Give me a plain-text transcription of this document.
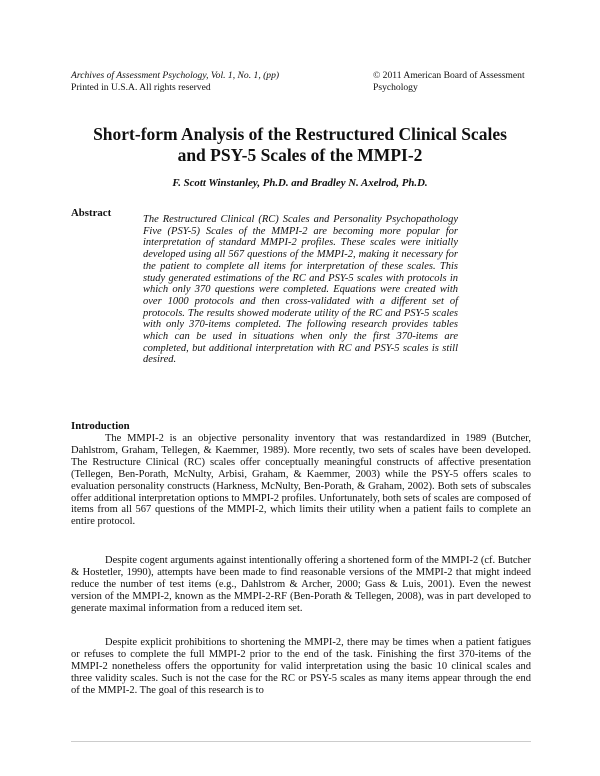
Archives of Assessment Psychology, Vol. 1, No. 1, (pp)
Printed in U.S.A. All rights reserved
© 2011 American Board of Assessment
Psychology
Short-form Analysis of the Restructured Clinical Scales
and PSY-5 Scales of the MMPI-2
F. Scott Winstanley, Ph.D. and Bradley N. Axelrod, Ph.D.
Abstract
The Restructured Clinical (RC) Scales and Personality Psychopathology Five (PSY-5) Scales of the MMPI-2 are becoming more popular for interpretation of standard MMPI-2 profiles. These scales were initially developed using all 567 questions of the MMPI-2, making it necessary for the patient to complete all items for interpretation of these scales. This study generated estimations of the RC and PSY-5 scales with protocols in which only 370 questions were completed. Equations were created with over 1000 protocols and then cross-validated with a different set of protocols. The results showed moderate utility of the RC and PSY-5 scales with only 370-items completed. The following research provides tables which can be used in situations when only the first 370-items are completed, but additional interpretation with RC and PSY-5 scales is still desired.
Introduction

The MMPI-2 is an objective personality inventory that was restandardized in 1989 (Butcher, Dahlstrom, Graham, Tellegen, & Kaemmer, 1989). More recently, two sets of scales have been developed. The Restructure Clinical (RC) scales offer conceptually meaningful constructs of affective presentation (Tellegen, Ben-Porath, McNulty, Arbisi, Graham, & Kaemmer, 2003) while the PSY-5 offers scales to evaluation personality constructs (Harkness, McNulty, Ben-Porath, & Graham, 2002). Both sets of subscales offer additional interpretation options to MMPI-2 profiles. Unfortunately, both sets of scales are composed of items from all 567 questions of the MMPI-2, which limits their utility when a patient fails to complete an entire protocol.

Despite cogent arguments against intentionally offering a shortened form of the MMPI-2 (cf. Butcher & Hostetler, 1990), attempts have been made to find reasonable versions of the MMPI-2 that might indeed reduce the number of test items (e.g., Dahlstrom & Archer, 2000; Gass & Luis, 2001). Even the newest version of the MMPI-2, known as the MMPI-2-RF (Ben-Porath & Tellegen, 2008), was in part developed to generate maximal information from a reduced item set.

Despite explicit prohibitions to shortening the MMPI-2, there may be times when a patient fatigues or refuses to complete the full MMPI-2 prior to the end of the task. Finishing the first 370-items of the MMPI-2 nonetheless offers the opportunity for valid interpretation using the basic 10 clinical scales and three validity scales. Such is not the case for the RC or PSY-5 scales as many items appear through the end of the MMPI-2. The goal of this research is to
